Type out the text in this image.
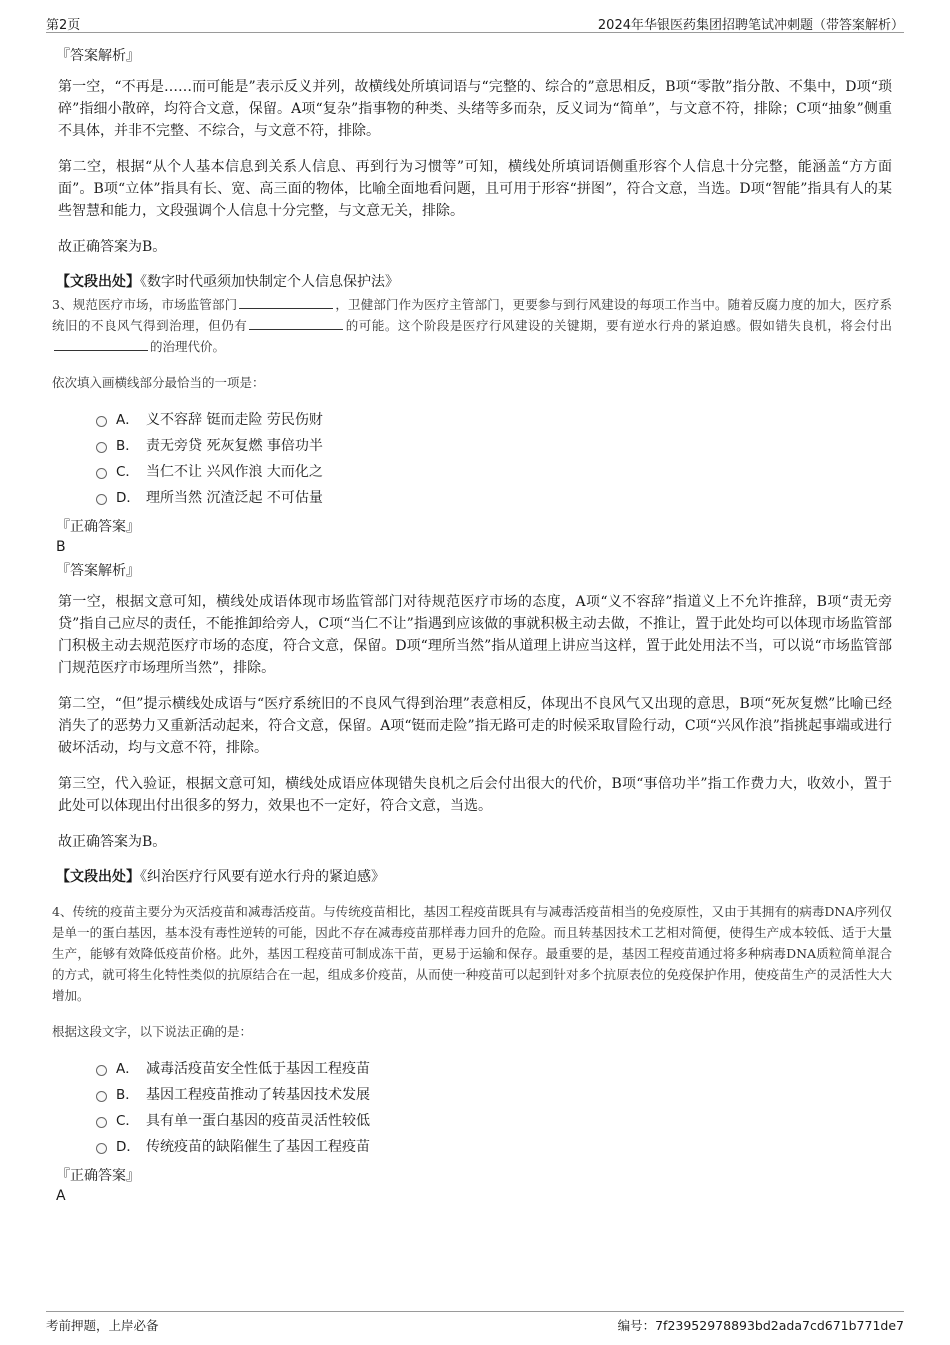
第2页	2024年华银医药集团招聘笔试冲刺题（带答案解析）
『答案解析』

第一空，“不再是……而可能是”表示反义并列，故横线处所填词语与“完整的、综合的”意思相反，B项“零散”指分散、不集中，D项“琐碎”指细小散碎，均符合文意，保留。A项“复杂”指事物的种类、头绪等多而杂，反义词为“简单”，与文意不符，排除；C项“抽象”侧重不具体，并非不完整、不综合，与文意不符，排除。

第二空，根据“从个人基本信息到关系人信息、再到行为习惯等”可知，横线处所填词语侧重形容个人信息十分完整，能涵盖“方方面面”。B项“立体”指具有长、宽、高三面的物体，比喻全面地看问题，且可用于形容“拼图”，符合文意，当选。D项“智能”指具有人的某些智慧和能力，文段强调个人信息十分完整，与文意无关，排除。

故正确答案为B。

【文段出处】《数字时代亟须加快制定个人信息保护法》
3、规范医疗市场，市场监管部门	，卫健部门作为医疗主管部门，更要参与到行风建设的每项工作当中。随着反腐力度的加大，医疗系统旧的不良风气得到治理，但仍有	的可能。这个阶段是医疗行风建设的关键期，要有逆水行舟的紧迫感。假如错失良机，将会付出的治理代价。
依次填入画横线部分最恰当的一项是：
A． 义不容辞 铤而走险 劳民伤财
B． 责无旁贷 死灰复燃 事倍功半
C． 当仁不让 兴风作浪 大而化之
D． 理所当然 沉渣泛起 不可估量
『正确答案』
B
『答案解析』

第一空，根据文意可知，横线处成语体现市场监管部门对待规范医疗市场的态度，A项“义不容辞”指道义上不允许推辞，B项“责无旁贷”指自己应尽的责任，不能推卸给旁人，C项“当仁不让”指遇到应该做的事就积极主动去做，不推让，置于此处均可以体现市场监管部门积极主动去规范医疗市场的态度，符合文意，保留。D项“理所当然”指从道理上讲应当这样，置于此处用法不当，可以说“市场监管部门规范医疗市场理所当然”，排除。

第二空，“但”提示横线处成语与“医疗系统旧的不良风气得到治理”表意相反，体现出不良风气又出现的意思，B项“死灰复燃”比喻已经消失了的恶势力又重新活动起来，符合文意，保留。A项“铤而走险”指无路可走的时候采取冒险行动，C项“兴风作浪”指挑起事端或进行破坏活动，均与文意不符，排除。

第三空，代入验证，根据文意可知，横线处成语应体现错失良机之后会付出很大的代价，B项“事倍功半”指工作费力大，收效小，置于此处可以体现出付出很多的努力，效果也不一定好，符合文意，当选。

故正确答案为B。

【文段出处】《纠治医疗行风要有逆水行舟的紧迫感》
4、传统的疫苗主要分为灭活疫苗和减毒活疫苗。与传统疫苗相比，基因工程疫苗既具有与减毒活疫苗相当的免疫原性，又由于其拥有的病毒DNA序列仅是单一的蛋白基因，基本没有毒性逆转的可能，因此不存在减毒疫苗那样毒力回升的危险。而且转基因技术工艺相对简便，使得生产成本较低、适于大量生产，能够有效降低疫苗价格。此外，基因工程疫苗可制成冻干苗，更易于运输和保存。最重要的是，基因工程疫苗通过将多种病毒DNA质粒简单混合的方式，就可将生化特性类似的抗原结合在一起，组成多价疫苗，从而使一种疫苗可以起到针对多个抗原表位的免疫保护作用，使疫苗生产的灵活性大大增加。
根据这段文字，以下说法正确的是：
A． 减毒活疫苗安全性低于基因工程疫苗
B． 基因工程疫苗推动了转基因技术发展
C． 具有单一蛋白基因的疫苗灵活性较低
D． 传统疫苗的缺陷催生了基因工程疫苗
『正确答案』
A
考前押题，上岸必备	编号：7f23952978893bd2ada7cd671b771de7
